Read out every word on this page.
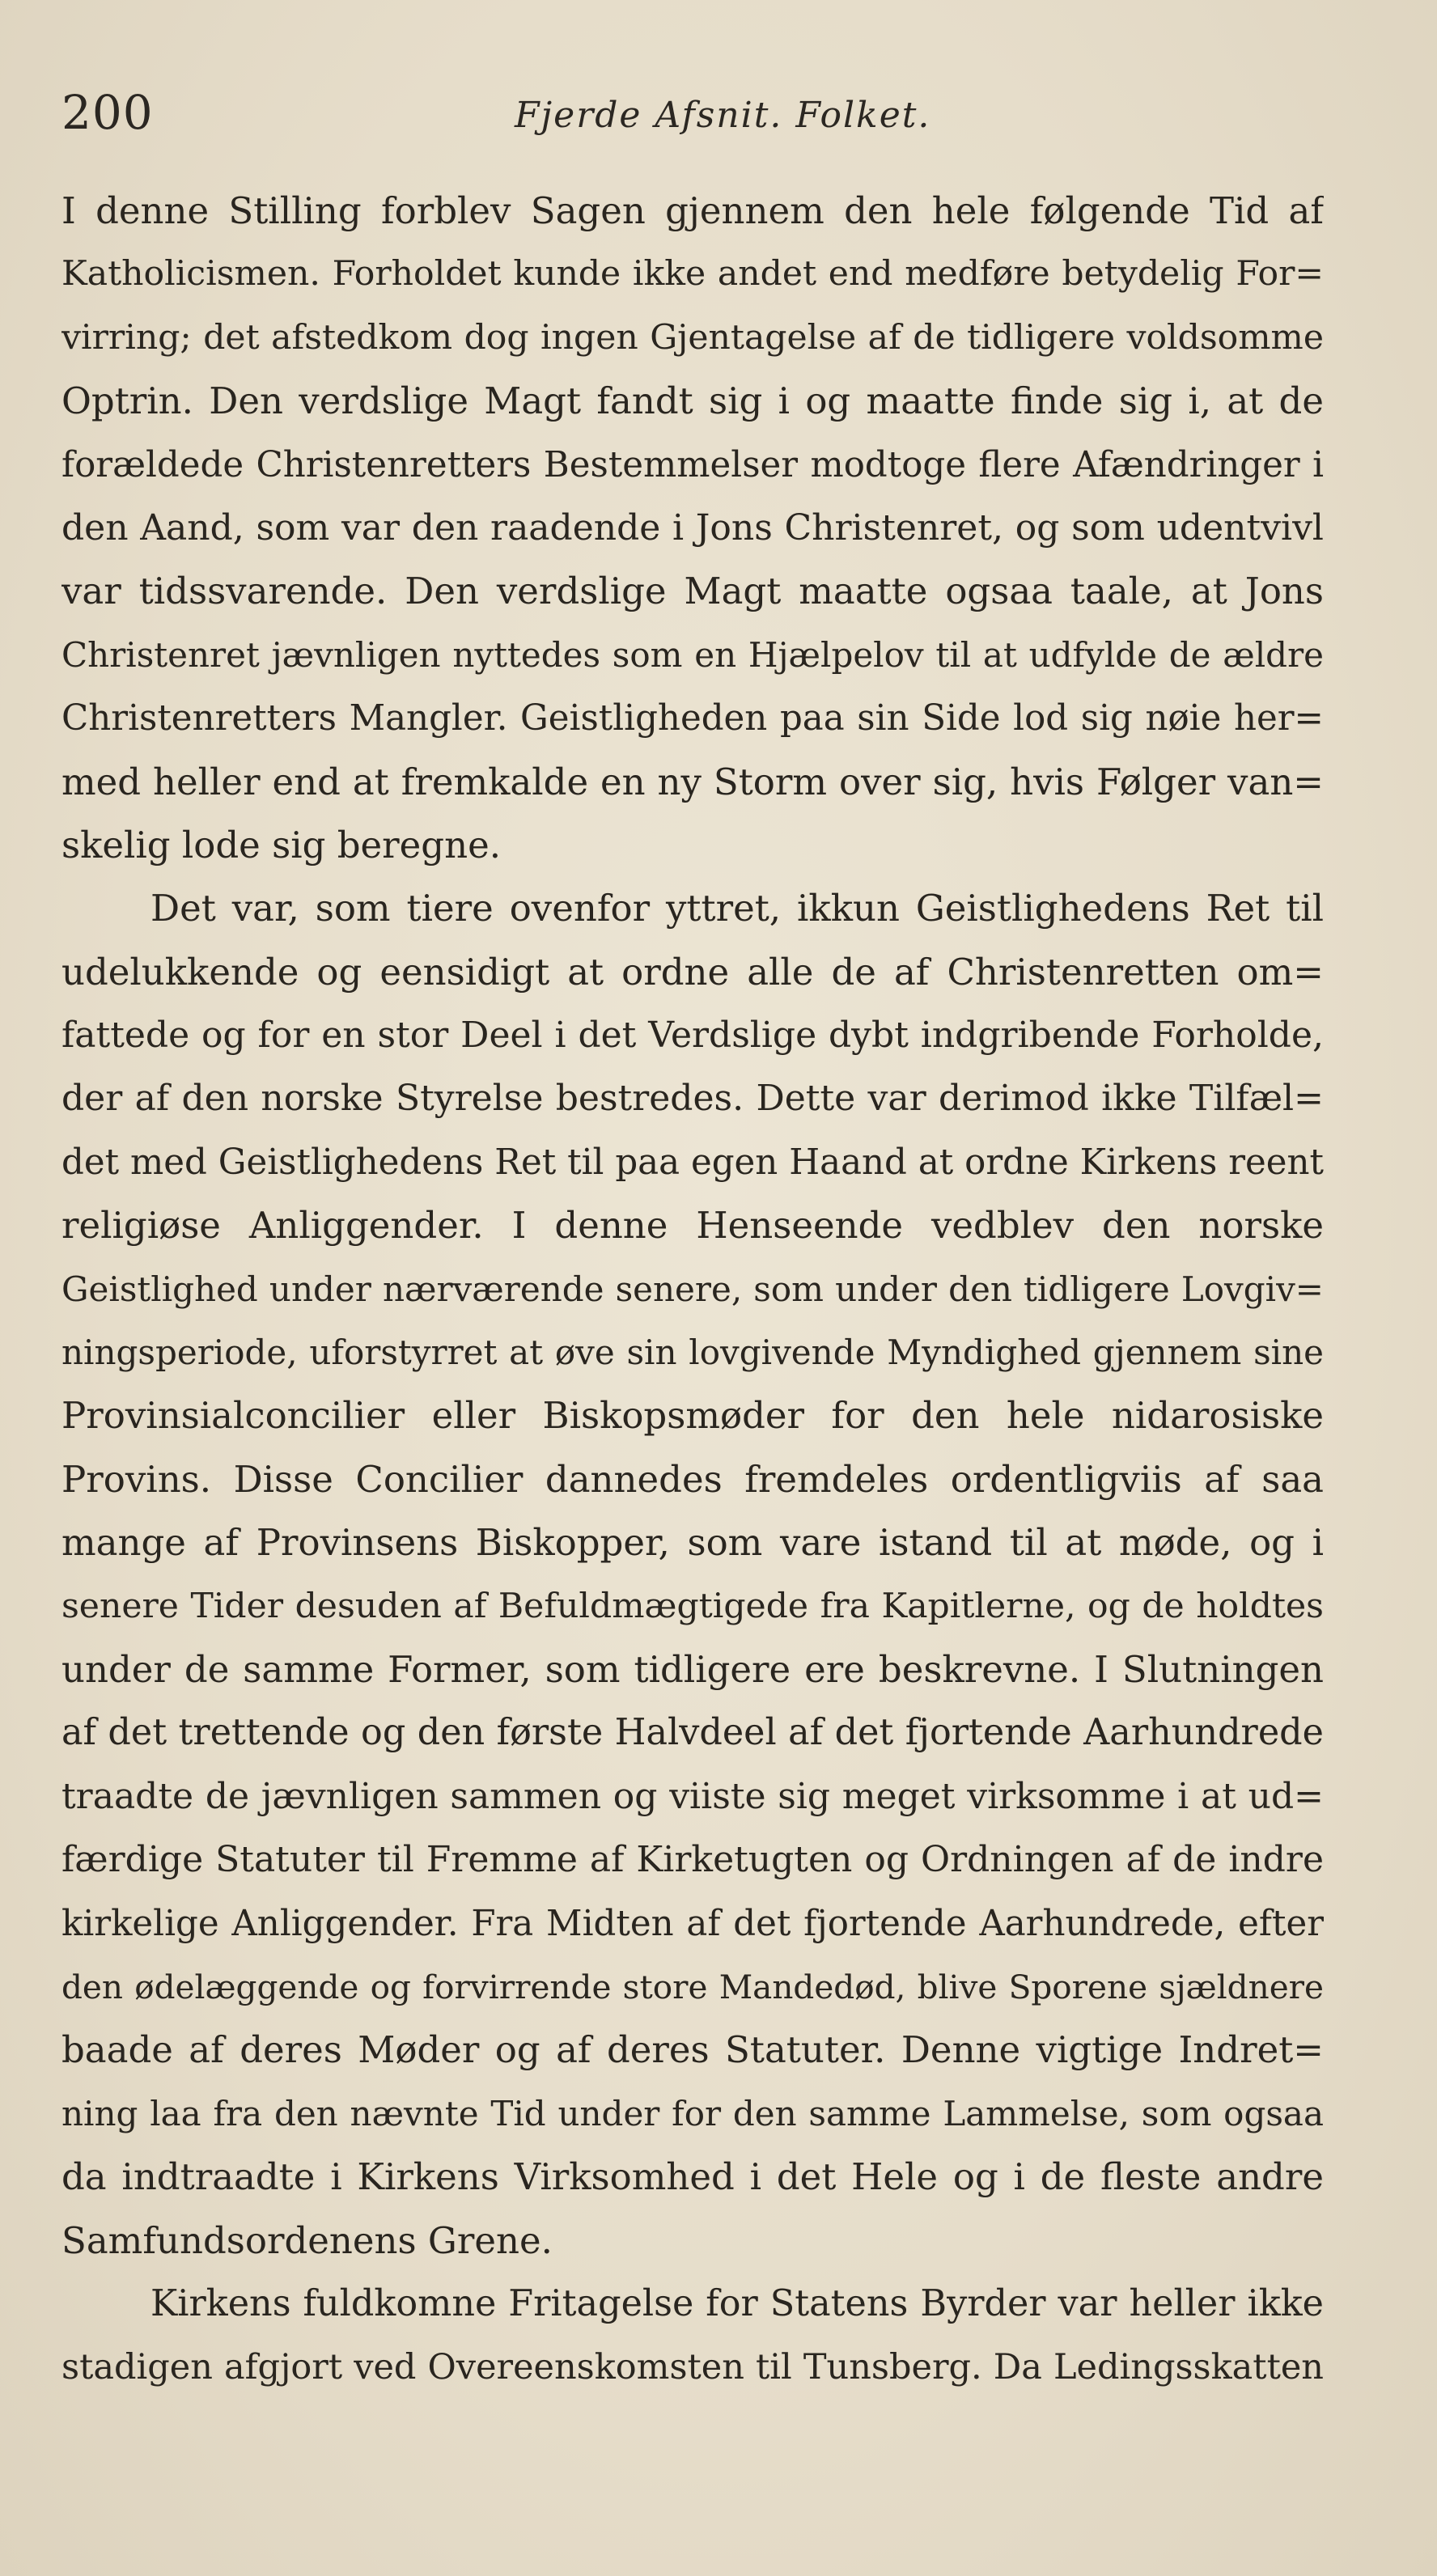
200	Fjerde Afsnit. Folket.
I denne Stilling forblev Sagen gjennem den hele følgende Tid af
Katholicismen. Forholdet kunde ikke andet end medføre betydelig For=
virring; det afstedkom dog ingen Gjentagelse af de tidligere voldsomme
Optrin. Den verdslige Magt fandt sig i og maatte finde sig i, at de
forældede Christenretters Bestemmelser modtoge flere Afændringer i
den Aand, som var den raadende i Jons Christenret, og som udentvivl
var tidssvarende. Den verdslige Magt maatte ogsaa taale, at Jons
Christenret jævnligen nyttedes som en Hjælpelov til at udfylde de ældre
Christenretters Mangler. Geistligheden paa sin Side lod sig nøie her=
med heller end at fremkalde en ny Storm over sig, hvis Følger van=
skelig lode sig beregne.
Det var, som tiere ovenfor yttret, ikkun Geistlighedens Ret til
udelukkende og eensidigt at ordne alle de af Christenretten om=
fattede og for en stor Deel i det Verdslige dybt indgribende Forholde,
der af den norske Styrelse bestredes. Dette var derimod ikke Tilfæl=
det med Geistlighedens Ret til paa egen Haand at ordne Kirkens reent
religiøse Anliggender. I denne Henseende vedblev den norske
Geistlighed under nærværende senere, som under den tidligere Lovgiv=
ningsperiode, uforstyrret at øve sin lovgivende Myndighed gjennem sine
Provinsialconcilier eller Biskopsmøder for den hele nidarosiske
Provins. Disse Concilier dannedes fremdeles ordentligviis af saa
mange af Provinsens Biskopper, som vare istand til at møde, og i
senere Tider desuden af Befuldmægtigede fra Kapitlerne, og de holdtes
under de samme Former, som tidligere ere beskrevne. I Slutningen
af det trettende og den første Halvdeel af det fjortende Aarhundrede
traadte de jævnligen sammen og viiste sig meget virksomme i at ud=
færdige Statuter til Fremme af Kirketugten og Ordningen af de indre
kirkelige Anliggender. Fra Midten af det fjortende Aarhundrede, efter
den ødelæggende og forvirrende store Mandedød, blive Sporene sjældnere
baade af deres Møder og af deres Statuter. Denne vigtige Indret=
ning laa fra den nævnte Tid under for den samme Lammelse, som ogsaa
da indtraadte i Kirkens Virksomhed i det Hele og i de fleste andre
Samfundsordenens Grene.
Kirkens fuldkomne Fritagelse for Statens Byrder var heller ikke
stadigen afgjort ved Overeenskomsten til Tunsberg. Da Ledingsskatten
